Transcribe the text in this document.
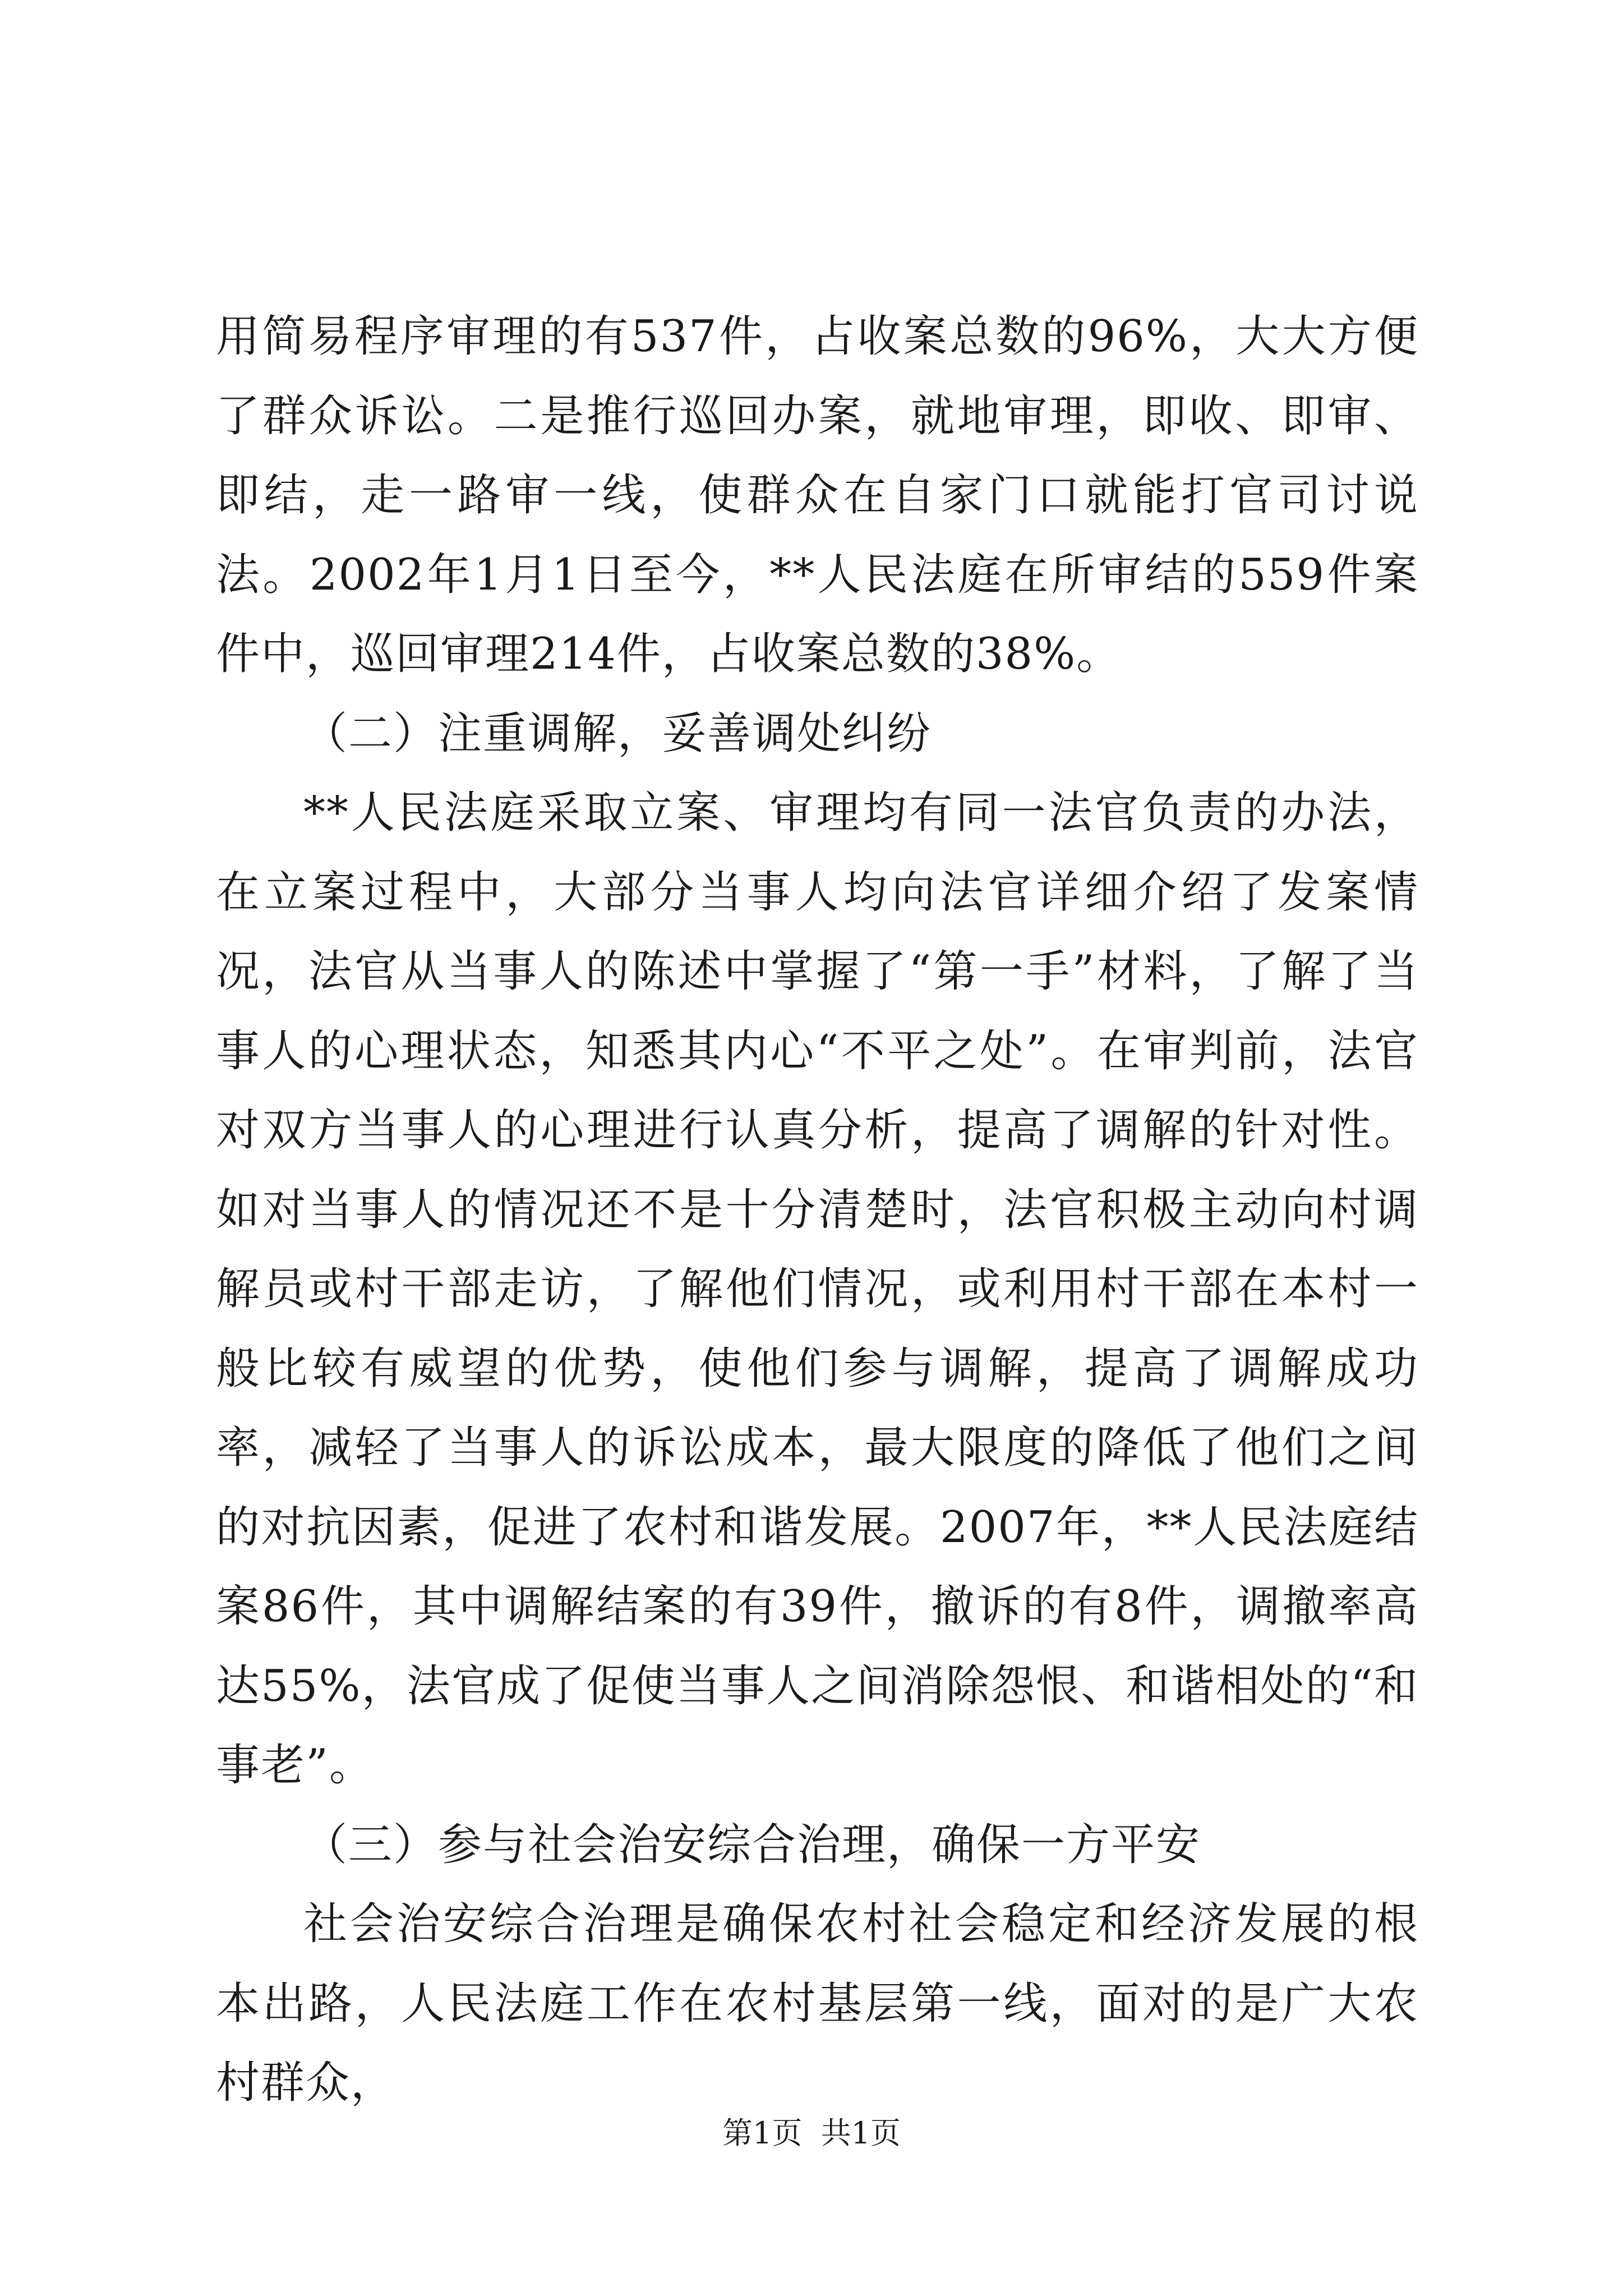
用简易程序审理的有537件，占收案总数的96%，大大方便了群众诉讼。二是推行巡回办案，就地审理，即收、即审、即结，走一路审一线，使群众在自家门口就能打官司讨说法。2002年1月1日至今，**人民法庭在所审结的559件案件中，巡回审理214件，占收案总数的38%。

（二）注重调解，妥善调处纠纷

**人民法庭采取立案、审理均有同一法官负责的办法，在立案过程中，大部分当事人均向法官详细介绍了发案情况，法官从当事人的陈述中掌握了“第一手”材料，了解了当事人的心理状态，知悉其内心“不平之处”。在审判前，法官对双方当事人的心理进行认真分析，提高了调解的针对性。如对当事人的情况还不是十分清楚时，法官积极主动向村调解员或村干部走访，了解他们情况，或利用村干部在本村一般比较有威望的优势，使他们参与调解，提高了调解成功率，减轻了当事人的诉讼成本，最大限度的降低了他们之间的对抗因素，促进了农村和谐发展。2007年，**人民法庭结案86件，其中调解结案的有39件，撤诉的有8件，调撤率高达55%，法官成了促使当事人之间消除怨恨、和谐相处的“和事老”。

（三）参与社会治安综合治理，确保一方平安

社会治安综合治理是确保农村社会稳定和经济发展的根本出路，人民法庭工作在农村基层第一线，面对的是广大农村群众，

第1页 共1页
